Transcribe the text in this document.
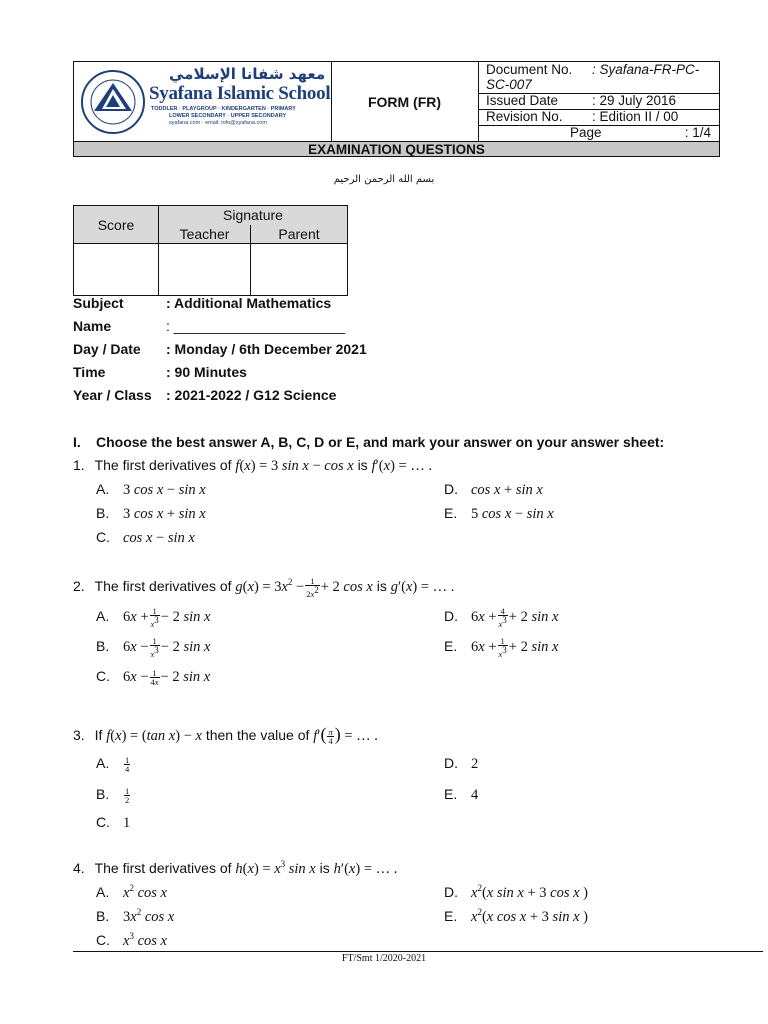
معهد شفانا الإسلامي
Syafana Islamic School
TODDLER · PLAYGROUP · KINDERGARTEN · PRIMARY
LOWER SECONDARY · UPPER SECONDARY
syafana.com · email: info@syafana.com
FORM (FR)
Document No. : Syafana-FR-PC-
SC-007
Issued Date	: 29 July 2016
Revision No. : Edition II / 00
Page	: 1/4
EXAMINATION QUESTIONS
بسم الله الرحمن الرحيم
Score	Signature	
	Teacher	Parent

Subject	: Additional Mathematics
Name	: ______________________
Day / Date : Monday / 6th December 2021
Time	: 90 Minutes
Year / Class : 2021-2022 / G12 Science
I. Choose the best answer A, B, C, D or E, and mark your answer on your answer sheet:
1. The first derivatives of f(x) = 3 sin x − cos x is f′(x) = … .
A. 3 cos x − sin x
B. 3 cos x + sin x
C. cos x − sin x
D. cos x + sin x
E. 5 cos x − sin x
2. The first derivatives of $g(x) = 3x^2 - \frac{1}{2x^2} + 2$ cos x is g′(x) = … .
A. $6x + \frac{1}{x^3} - 2$ sin x
B. $6x - \frac{1}{x^3} - 2$ sin x
C. $6x - \frac{1}{4x} - 2$ sin x
D. $6x + \frac{4}{x^3} + 2$ sin x
E. $6x + \frac{1}{x^3} + 2$ sin x
3. If f(x) = (tan x) − x then the value of $f'( \frac{\pi}{4}$ ) = … .
A. $\frac{1}{4}$
B. $\frac{1}{2}$
C. 1
D. 2
E. 4
4. The first derivatives of $h(x) = x^3$ sin x is h′(x) = … .
A. $x^2$ cos x
B. $3x^2$ cos x
C. $x^3$ cos x
D. $x^2(x$ sin x + 3 cos x )
E. $x^2(x$ cos x + 3 sin x )
FT/Smt 1/2020-2021
